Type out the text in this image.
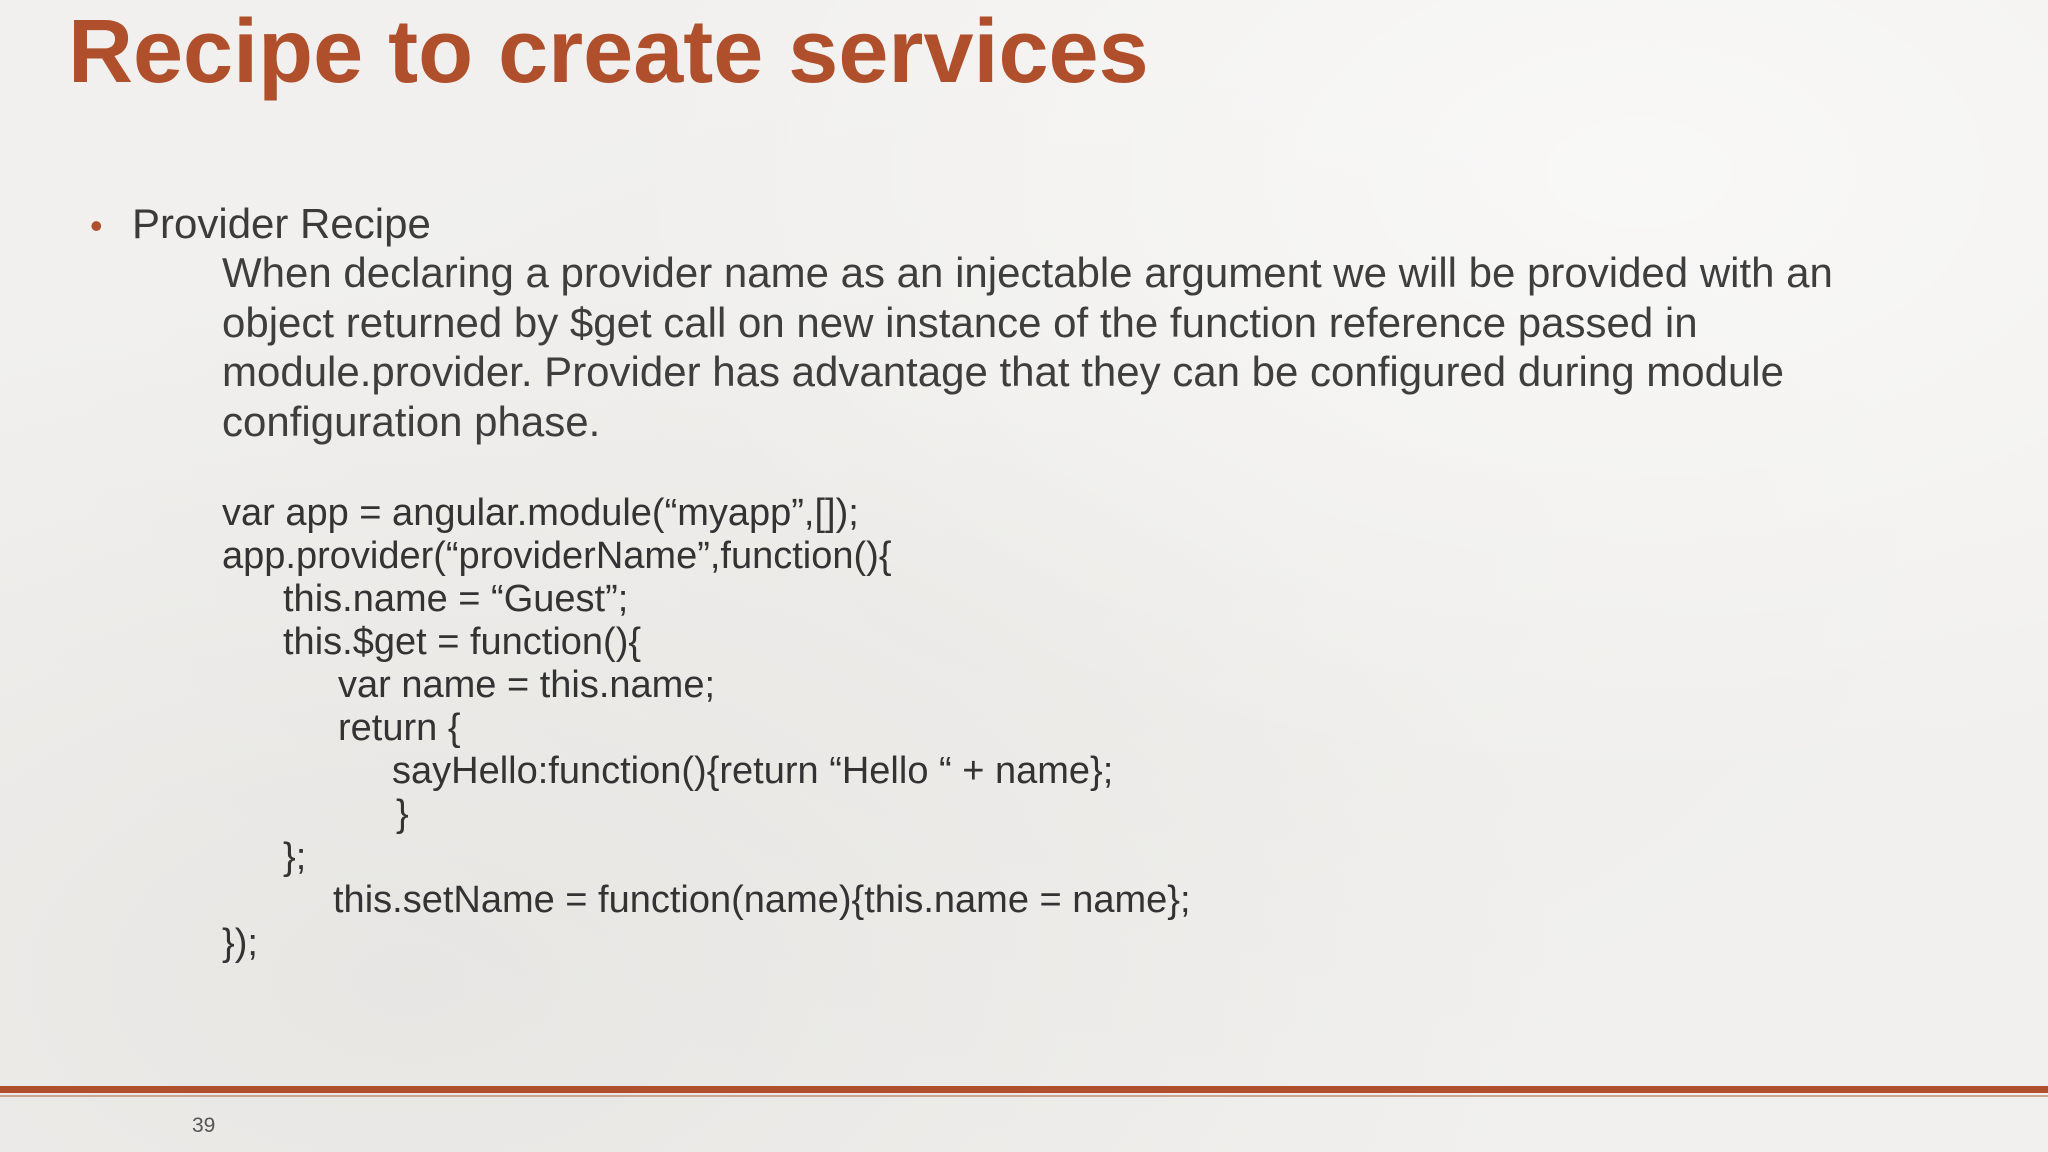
Recipe to create services
• Provider Recipe

When declaring a provider name as an injectable argument we will be provided with an object returned by $get call on new instance of the function reference passed in module.provider. Provider has advantage that they can be configured during module configuration phase.

var app = angular.module(“myapp”,[]);
app.provider(“providerName”,function(){
this.name = “Guest”;
this.$get = function(){
var name = this.name;
return {
sayHello:function(){return “Hello “ + name};
}
};
this.setName = function(name){this.name = name};
});
39
